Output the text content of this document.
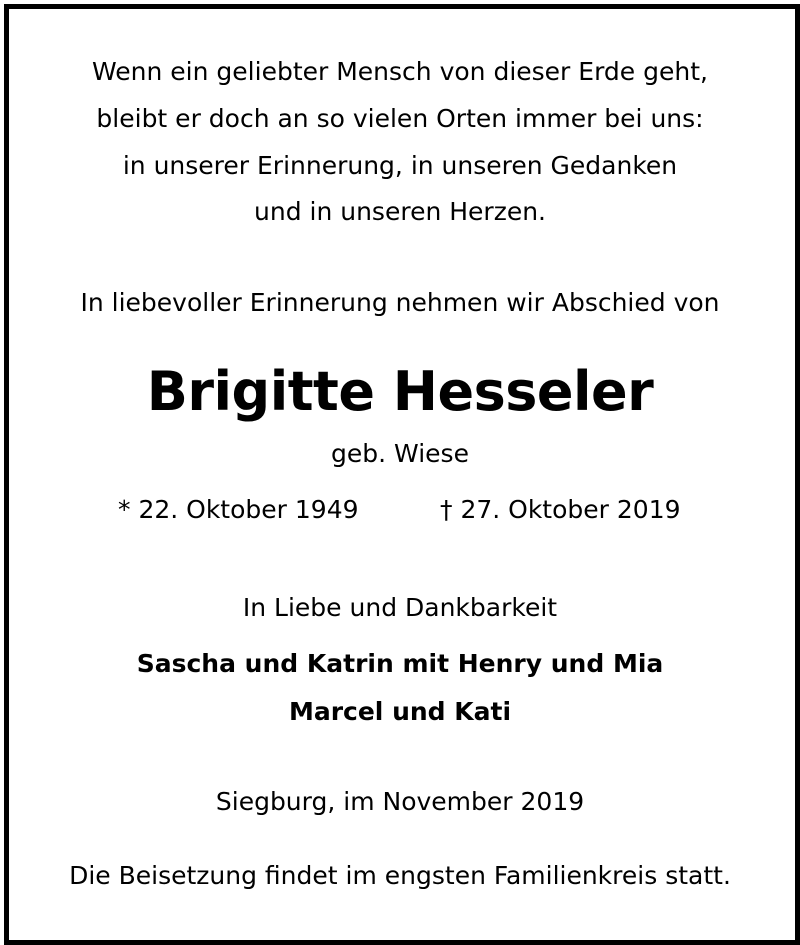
Wenn ein geliebter Mensch von dieser Erde geht,
bleibt er doch an so vielen Orten immer bei uns:
in unserer Erinnerung, in unseren Gedanken
und in unseren Herzen.
In liebevoller Erinnerung nehmen wir Abschied von
Brigitte Hesseler
geb. Wiese
* 22. Oktober 1949	† 27. Oktober 2019
In Liebe und Dankbarkeit
Sascha und Katrin mit Henry und Mia
Marcel und Kati
Siegburg, im November 2019
Die Beisetzung findet im engsten Familienkreis statt.
